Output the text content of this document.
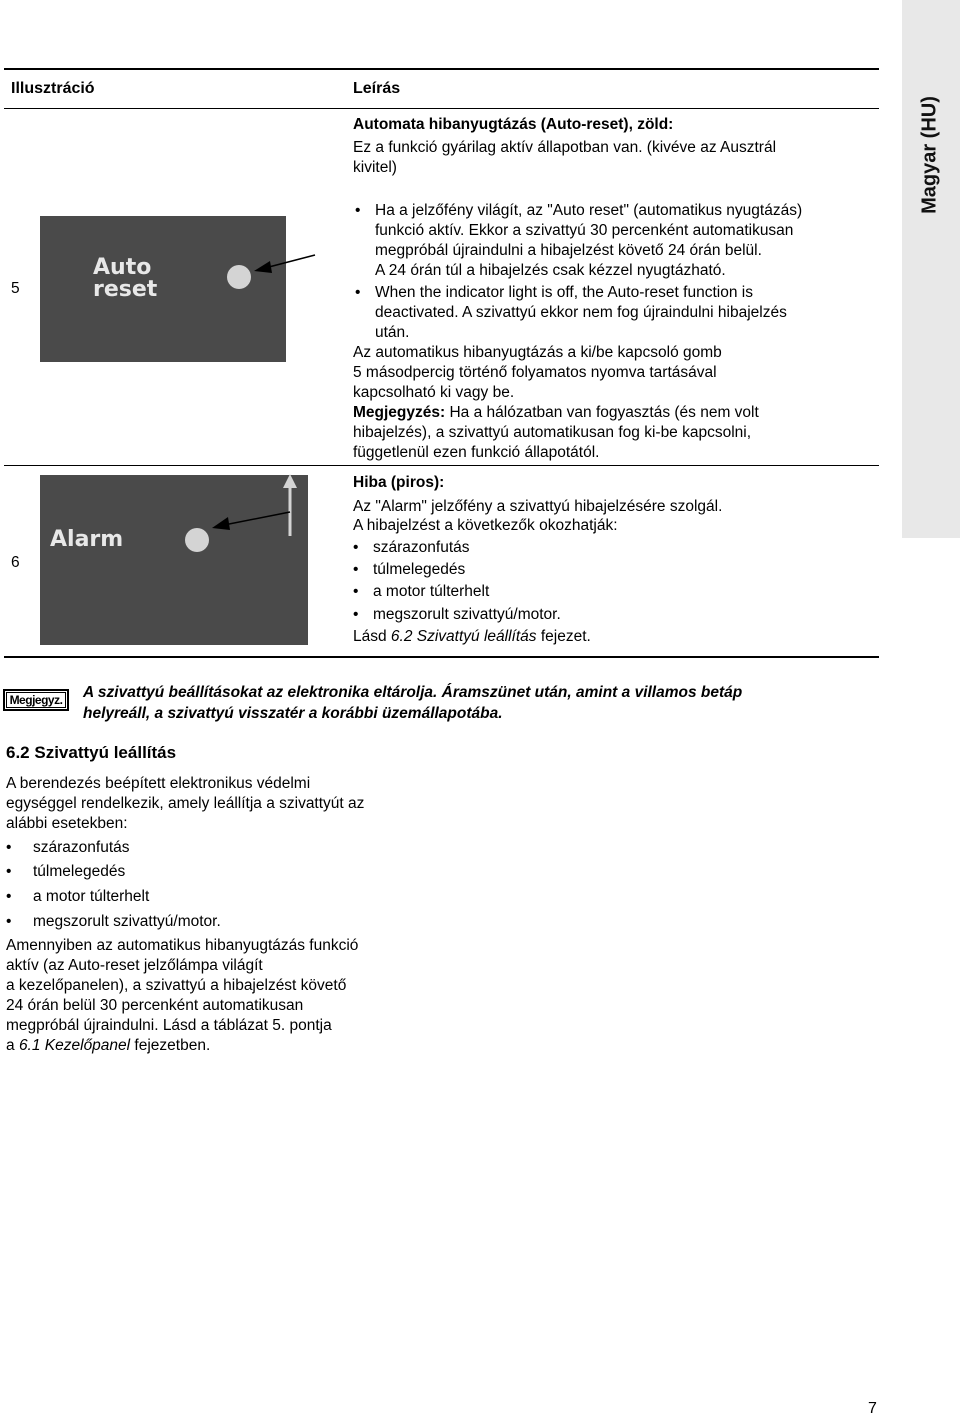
Magyar (HU)
Illusztráció	Leírás
5
Auto
reset
Automata hibanyugtázás (Auto-reset), zöld:
Ez a funkció gyárilag aktív állapotban van. (kivéve az Ausztrál
kivitel)
• Ha a jelzőfény világít, az "Auto reset" (automatikus nyugtázás)
funkció aktív. Ekkor a szivattyú 30 percenként automatikusan
megpróbál újraindulni a hibajelzést követő 24 órán belül.
A 24 órán túl a hibajelzés csak kézzel nyugtázható.
• When the indicator light is off, the Auto-reset function is
deactivated. A szivattyú ekkor nem fog újraindulni hibajelzés
után.
Az automatikus hibanyugtázás a ki/be kapcsoló gomb
5 másodpercig történő folyamatos nyomva tartásával
kapcsolható ki vagy be.
Megjegyzés: Ha a hálózatban van fogyasztás (és nem volt
hibajelzés), a szivattyú automatikusan fog ki-be kapcsolni,
függetlenül ezen funkció állapotától.
6
Alarm
Hiba (piros):
Az "Alarm" jelzőfény a szivattyú hibajelzésére szolgál.
A hibajelzést a következők okozhatják:
• szárazonfutás
• túlmelegedés
• a motor túlterhelt
• megszorult szivattyú/motor.
Lásd 6.2 Szivattyú leállítás fejezet.
Megjegyz. A szivattyú beállításokat az elektronika eltárolja. Áramszünet után, amint a villamos betáp
helyreáll, a szivattyú visszatér a korábbi üzemállapotába.
6.2 Szivattyú leállítás
A berendezés beépített elektronikus védelmi
egységgel rendelkezik, amely leállítja a szivattyút az
alábbi esetekben:
• szárazonfutás
• túlmelegedés
• a motor túlterhelt
• megszorult szivattyú/motor.
Amennyiben az automatikus hibanyugtázás funkció
aktív (az Auto-reset jelzőlámpa világít
a kezelőpanelen), a szivattyú a hibajelzést követő
24 órán belül 30 percenként automatikusan
megpróbál újraindulni. Lásd a táblázat 5. pontja
a 6.1 Kezelőpanel fejezetben.
7
